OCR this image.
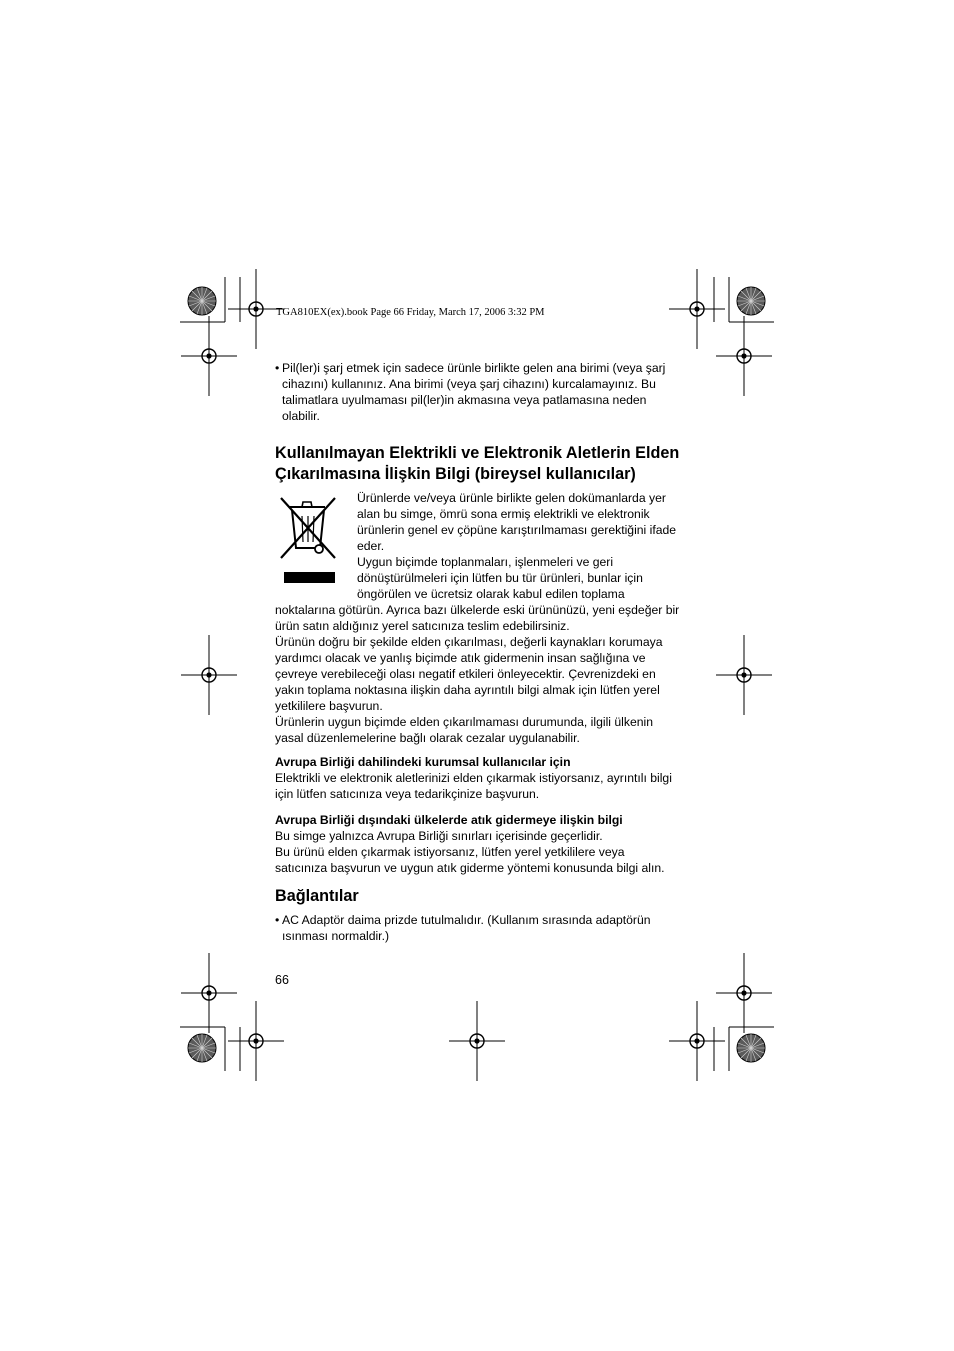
TGA810EX(ex).book Page 66 Friday, March 17, 2006 3:32 PM
• Pil(ler)i şarj etmek için sadece ürünle birlikte gelen ana birimi (veya şarj cihazını) kullanınız. Ana birimi (veya şarj cihazını) kurcalamayınız. Bu talimatlara uyulmaması pil(ler)in akmasına veya patlamasına neden olabilir.

Kullanılmayan Elektrikli ve Elektronik Aletlerin Elden
Çıkarılmasına İlişkin Bilgi (bireysel kullanıcılar)

Ürünlerde ve/veya ürünle birlikte gelen dokümanlarda yer

alan bu simge, ömrü sona ermiş elektrikli ve elektronik

ürünlerin genel ev çöpüne karıştırılmaması gerektiğini ifade

eder.

Uygun biçimde toplanmaları, işlenmeleri ve geri

dönüştürülmeleri için lütfen bu tür ürünleri, bunlar için

öngörülen ve ücretsiz olarak kabul edilen toplama

noktalarına götürün. Ayrıca bazı ülkelerde eski ürününüzü, yeni eşdeğer bir ürün satın aldığınız yerel satıcınıza teslim edebilirsiniz.

Ürünün doğru bir şekilde elden çıkarılması, değerli kaynakları korumaya yardımcı olacak ve yanlış biçimde atık gidermenin insan sağlığına ve çevreye verebileceği olası negatif etkileri önleyecektir. Çevrenizdeki en yakın toplama noktasına ilişkin daha ayrıntılı bilgi almak için lütfen yerel yetkililere başvurun.

Ürünlerin uygun biçimde elden çıkarılmaması durumunda, ilgili ülkenin yasal düzenlemelerine bağlı olarak cezalar uygulanabilir.

Avrupa Birliği dahilindeki kurumsal kullanıcılar için

Elektrikli ve elektronik aletlerinizi elden çıkarmak istiyorsanız, ayrıntılı bilgi için lütfen satıcınıza veya tedarikçinize başvurun.

Avrupa Birliği dışındaki ülkelerde atık gidermeye ilişkin bilgi

Bu simge yalnızca Avrupa Birliği sınırları içerisinde geçerlidir.

Bu ürünü elden çıkarmak istiyorsanız, lütfen yerel yetkililere veya satıcınıza başvurun ve uygun atık giderme yöntemi konusunda bilgi alın.

Bağlantılar
• AC Adaptör daima prizde tutulmalıdır. (Kullanım sırasında adaptörün ısınması normaldir.)

66
